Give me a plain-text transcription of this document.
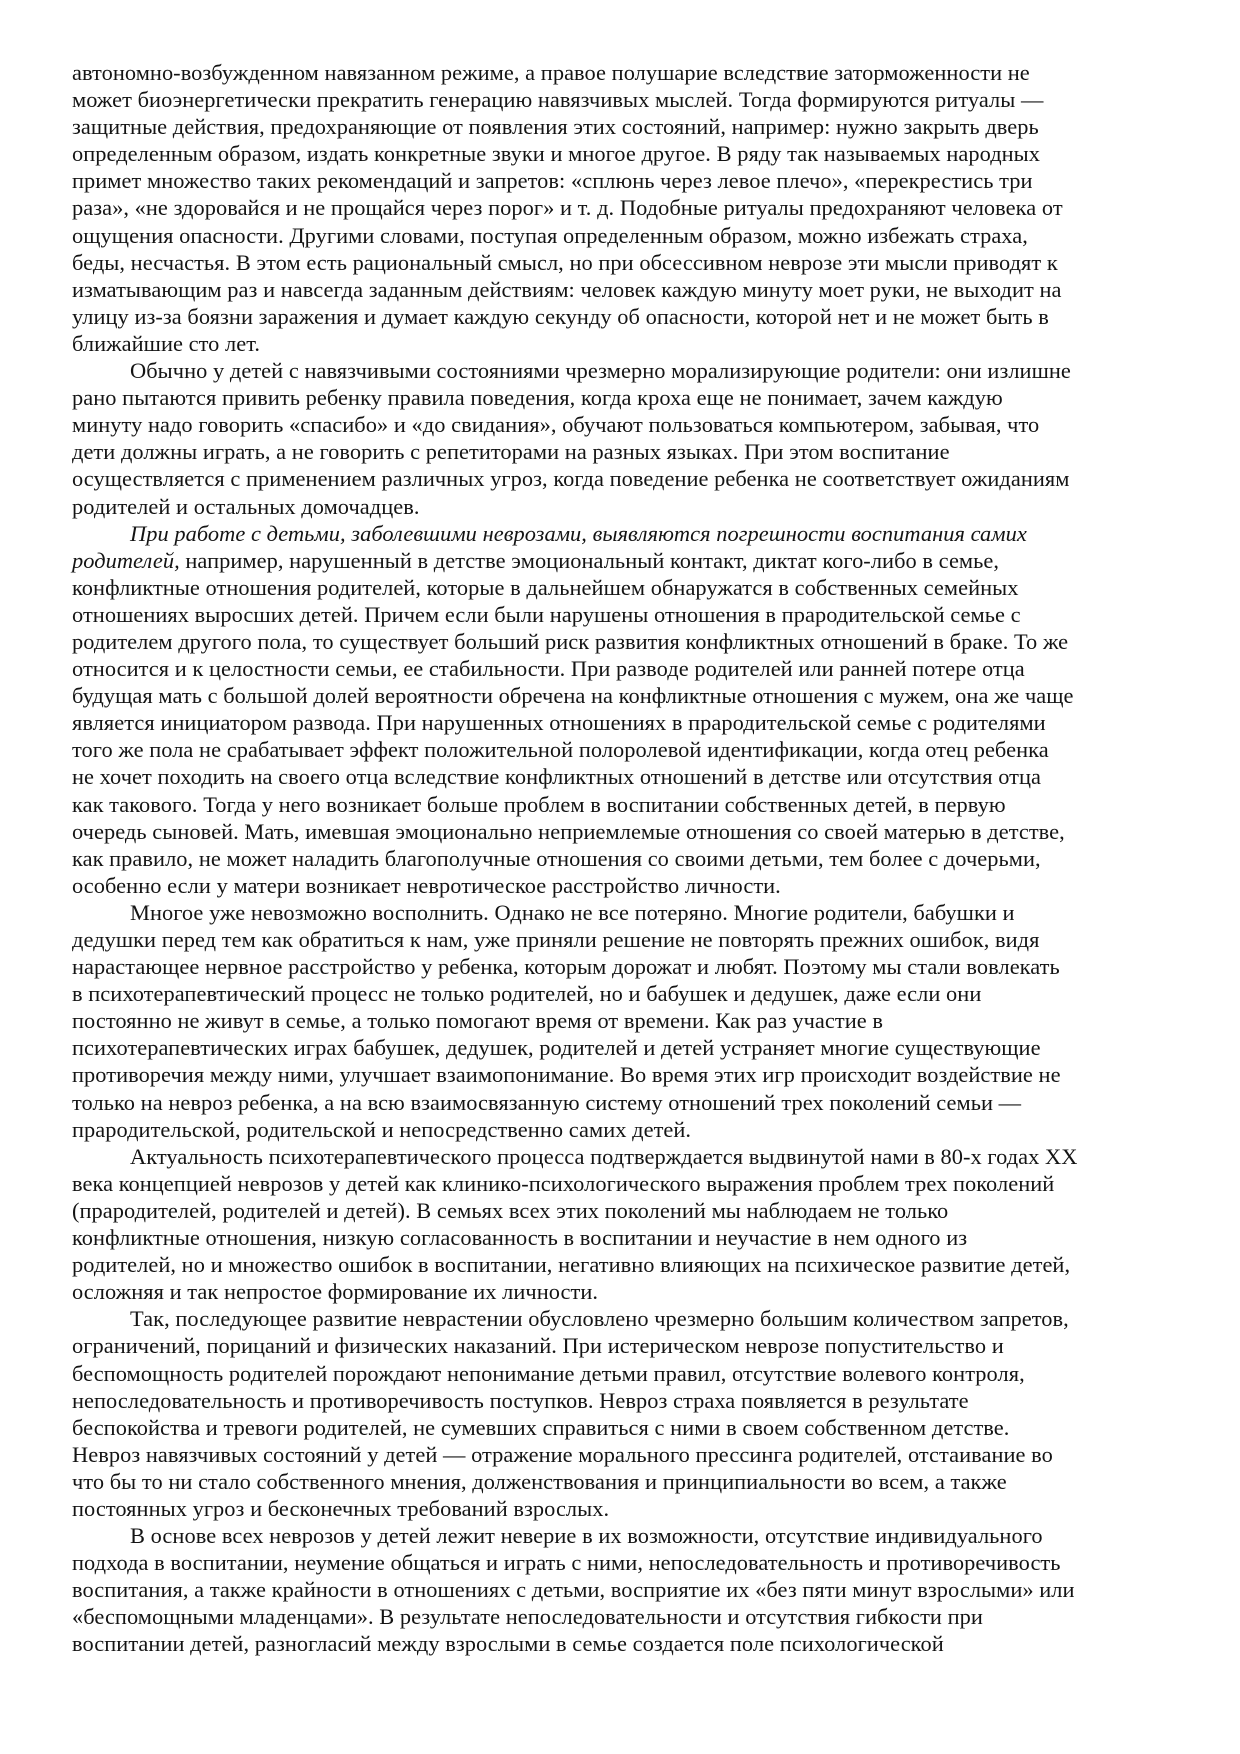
автономно-возбужденном навязанном режиме, а правое полушарие вследствие заторможенности не
может биоэнергетически прекратить генерацию навязчивых мыслей. Тогда формируются ритуалы —
защитные действия, предохраняющие от появления этих состояний, например: нужно закрыть дверь
определенным образом, издать конкретные звуки и многое другое. В ряду так называемых народных
примет множество таких рекомендаций и запретов: «сплюнь через левое плечо», «перекрестись три
раза», «не здоровайся и не прощайся через порог» и т. д. Подобные ритуалы предохраняют человека от
ощущения опасности. Другими словами, поступая определенным образом, можно избежать страха,
беды, несчастья. В этом есть рациональный смысл, но при обсессивном неврозе эти мысли приводят к
изматывающим раз и навсегда заданным действиям: человек каждую минуту моет руки, не выходит на
улицу из-за боязни заражения и думает каждую секунду об опасности, которой нет и не может быть в
ближайшие сто лет.
Обычно у детей с навязчивыми состояниями чрезмерно морализирующие родители: они излишне
рано пытаются привить ребенку правила поведения, когда кроха еще не понимает, зачем каждую
минуту надо говорить «спасибо» и «до свидания», обучают пользоваться компьютером, забывая, что
дети должны играть, а не говорить с репетиторами на разных языках. При этом воспитание
осуществляется с применением различных угроз, когда поведение ребенка не соответствует ожиданиям
родителей и остальных домочадцев.
При работе с детьми, заболевшими неврозами, выявляются погрешности воспитания самих
родителей, например, нарушенный в детстве эмоциональный контакт, диктат кого-либо в семье,
конфликтные отношения родителей, которые в дальнейшем обнаружатся в собственных семейных
отношениях выросших детей. Причем если были нарушены отношения в прародительской семье с
родителем другого пола, то существует больший риск развития конфликтных отношений в браке. То же
относится и к целостности семьи, ее стабильности. При разводе родителей или ранней потере отца
будущая мать с большой долей вероятности обречена на конфликтные отношения с мужем, она же чаще
является инициатором развода. При нарушенных отношениях в прародительской семье с родителями
того же пола не срабатывает эффект положительной полоролевой идентификации, когда отец ребенка
не хочет походить на своего отца вследствие конфликтных отношений в детстве или отсутствия отца
как такового. Тогда у него возникает больше проблем в воспитании собственных детей, в первую
очередь сыновей. Мать, имевшая эмоционально неприемлемые отношения со своей матерью в детстве,
как правило, не может наладить благополучные отношения со своими детьми, тем более с дочерьми,
особенно если у матери возникает невротическое расстройство личности.
Многое уже невозможно восполнить. Однако не все потеряно. Многие родители, бабушки и
дедушки перед тем как обратиться к нам, уже приняли решение не повторять прежних ошибок, видя
нарастающее нервное расстройство у ребенка, которым дорожат и любят. Поэтому мы стали вовлекать
в психотерапевтический процесс не только родителей, но и бабушек и дедушек, даже если они
постоянно не живут в семье, а только помогают время от времени. Как раз участие в
психотерапевтических играх бабушек, дедушек, родителей и детей устраняет многие существующие
противоречия между ними, улучшает взаимопонимание. Во время этих игр происходит воздействие не
только на невроз ребенка, а на всю взаимосвязанную систему отношений трех поколений семьи —
прародительской, родительской и непосредственно самих детей.
Актуальность психотерапевтического процесса подтверждается выдвинутой нами в 80-х годах XX
века концепцией неврозов у детей как клинико-психологического выражения проблем трех поколений
(прародителей, родителей и детей). В семьях всех этих поколений мы наблюдаем не только
конфликтные отношения, низкую согласованность в воспитании и неучастие в нем одного из
родителей, но и множество ошибок в воспитании, негативно влияющих на психическое развитие детей,
осложняя и так непростое формирование их личности.
Так, последующее развитие неврастении обусловлено чрезмерно большим количеством запретов,
ограничений, порицаний и физических наказаний. При истерическом неврозе попустительство и
беспомощность родителей порождают непонимание детьми правил, отсутствие волевого контроля,
непоследовательность и противоречивость поступков. Невроз страха появляется в результате
беспокойства и тревоги родителей, не сумевших справиться с ними в своем собственном детстве.
Невроз навязчивых состояний у детей — отражение морального прессинга родителей, отстаивание во
что бы то ни стало собственного мнения, долженствования и принципиальности во всем, а также
постоянных угроз и бесконечных требований взрослых.
В основе всех неврозов у детей лежит неверие в их возможности, отсутствие индивидуального
подхода в воспитании, неумение общаться и играть с ними, непоследовательность и противоречивость
воспитания, а также крайности в отношениях с детьми, восприятие их «без пяти минут взрослыми» или
«беспомощными младенцами». В результате непоследовательности и отсутствия гибкости при
воспитании детей, разногласий между взрослыми в семье создается поле психологической
